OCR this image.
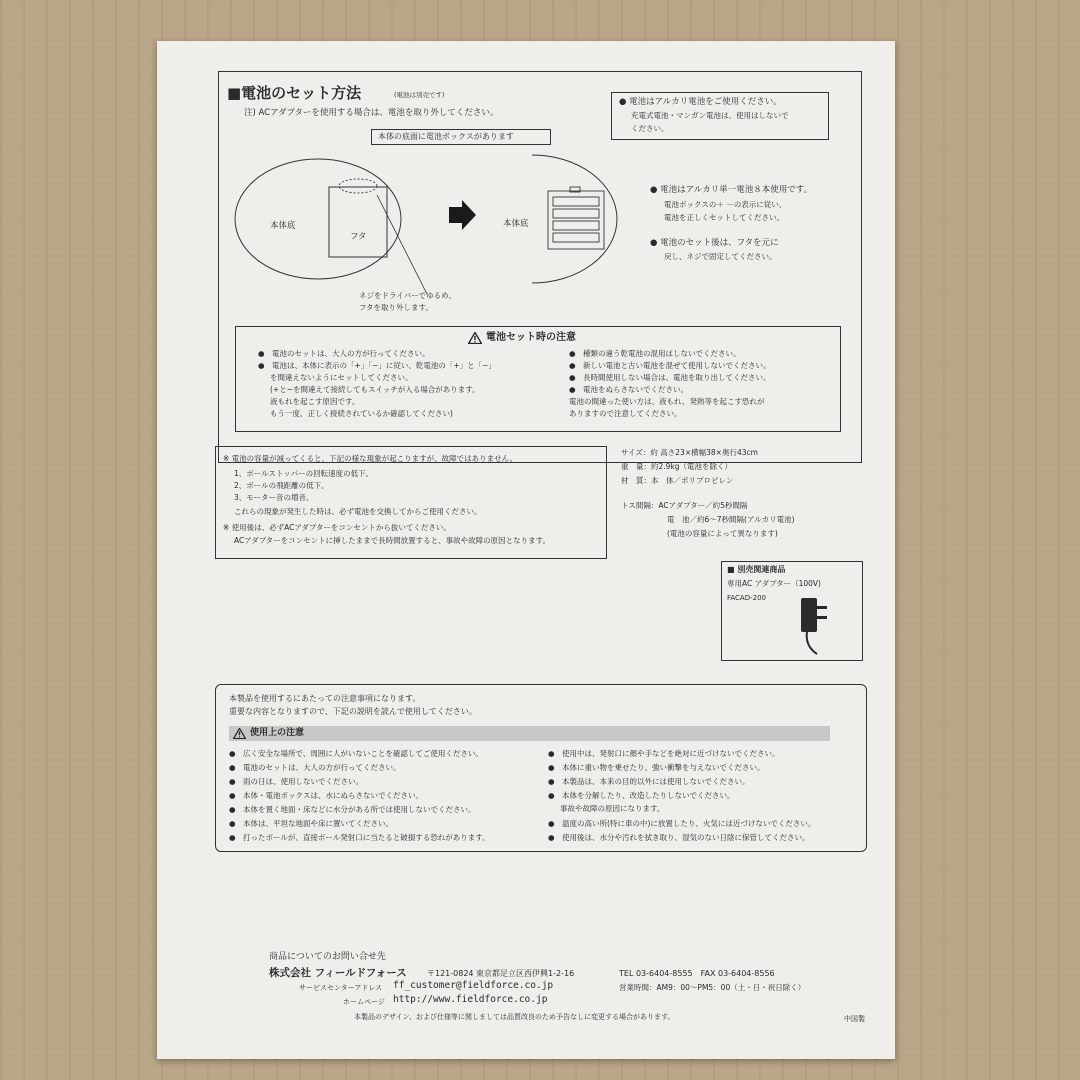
■電池のセット方法	(電池は別売です)
注) ACアダプターを使用する場合は、電池を取り外してください。
● 電池はアルカリ電池をご使用ください。
充電式電池・マンガン電池は、使用はしないで
ください。
本体の底面に電池ボックスがあります
本体底
フタ
本体底
ネジをドライバーでゆるめ、
フタを取り外します。
● 電池はアルカリ単一電池８本使用です。
電池ボックスの＋ －の表示に従い、
電池を正しくセットしてください。
● 電池のセット後は、フタを元に
戻し、ネジで固定してください。
電池セット時の注意
●　電池のセットは、大人の方が行ってください。
●　電池は、本体に表示の「+」「−」に従い、乾電池の「+」と「−」
を間違えないようにセットしてください。
(+と−を間違えて接続してもスイッチが入る場合があります。
液もれを起こす原因です。
もう一度、正しく接続されているか確認してください)
●　種類の違う乾電池の混用はしないでください。
●　新しい電池と古い電池を混ぜて使用しないでください。
●　長時間使用しない場合は、電池を取り出してください。
●　電池をぬらさないでください。
電池の間違った使い方は、液もれ、発熱等を起こす恐れが
ありますので注意してください。
※ 電池の容量が減ってくると、下記の様な現象が起こりますが、故障ではありません。
1、ボールストッパーの回転速度の低下。
2、ボールの飛距離の低下。
3、モーター音の増音。
これらの現象が発生した時は、必ず電池を交換してからご使用ください。
※ 使用後は、必ずACアダプターをコンセントから抜いてください。
ACアダプターをコンセントに挿したままで長時間放置すると、事故や故障の原因となります。
サイズ：約 高さ23×横幅38×奥行43cm
重　量：約2.9kg（電池を除く）
材　質：本　体／ポリプロピレン
トス間隔：ACアダプター／約5秒間隔
電　池／約6〜7秒間隔(アルカリ電池)
(電池の容量によって異なります)
■ 別売関連商品
専用AC アダプター（100V)
FACAD-200
本製品を使用するにあたっての注意事項になります。
重要な内容となりますので、下記の説明を読んで使用してください。
使用上の注意
●　広く安全な場所で、周囲に人がいないことを確認してご使用ください。
●　電池のセットは、大人の方が行ってください。
●　雨の日は、使用しないでください。
●　本体・電池ボックスは、水にぬらさないでください。
●　本体を置く地面・床などに水分がある所では使用しないでください。
●　本体は、平坦な地面や床に置いてください。
●　打ったボールが、直接ボール発射口に当たると破損する恐れがあります。
●　使用中は、発射口に顔や手などを絶対に近づけないでください。
●　本体に重い物を乗せたり、強い衝撃を与えないでください。
●　本製品は、本来の目的以外には使用しないでください。
●　本体を分解したり、改造したりしないでください。
事故や故障の原因になります。
●　温度の高い所(特に車の中)に放置したり、火気には近づけないでください。
●　使用後は、水分や汚れを拭き取り、湿気のない日陰に保管してください。
商品についてのお問い合せ先
株式会社 フィールドフォース	〒121-0824 東京都足立区西伊興1-2-16	TEL 03-6404-8555　FAX 03-6404-8556
サービスセンターアドレス ff_customer@fieldforce.co.jp	営業時間：AM9：00〜PM5：00（土・日・祝日除く）
ホームページ http://www.fieldforce.co.jp
本製品のデザイン、および仕様等に関しましては品質改良のため予告なしに変更する場合があります。	中国製
